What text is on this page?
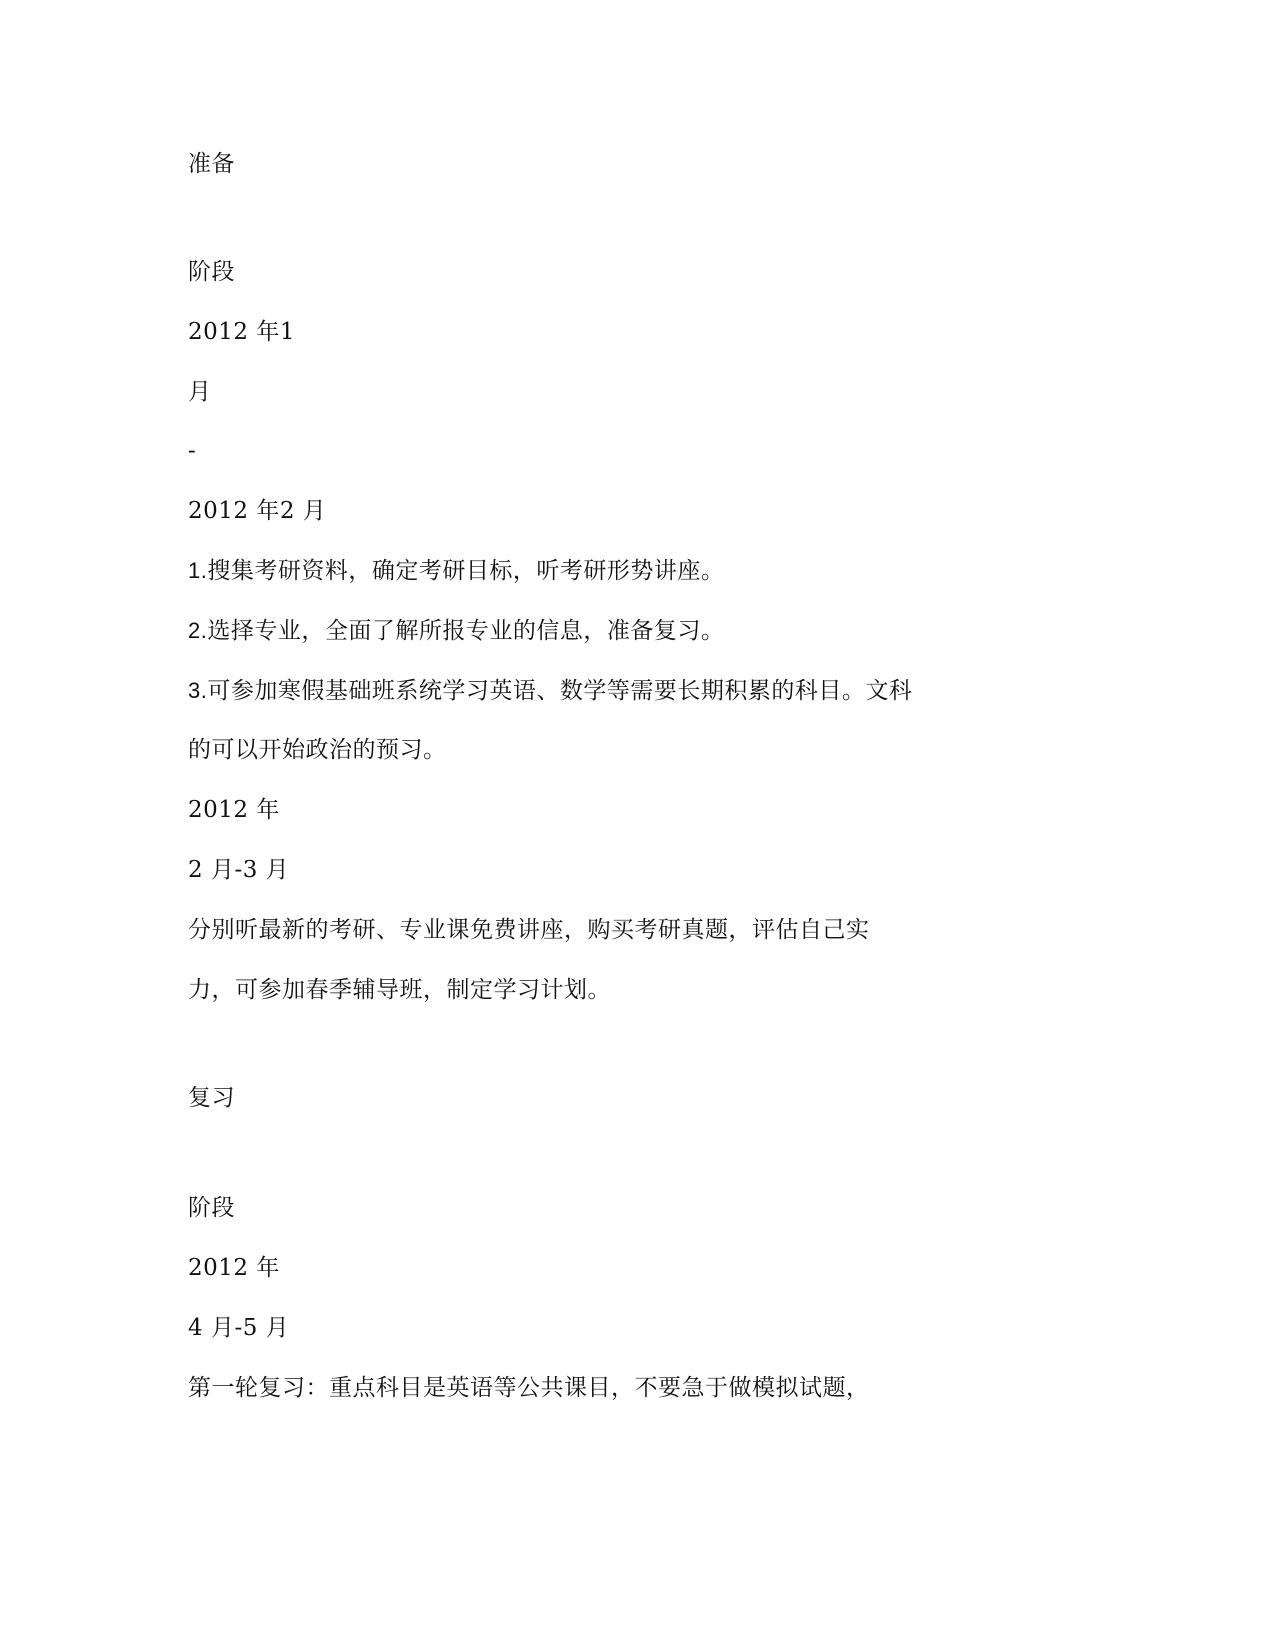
准备
阶段
2012 年1
月
-
2012 年2 月
1.搜集考研资料，确定考研目标，听考研形势讲座。
2.选择专业，全面了解所报专业的信息，准备复习。
3.可参加寒假基础班系统学习英语、数学等需要长期积累的科目。文科
的可以开始政治的预习。
2012 年
2 月-3 月
分别听最新的考研、专业课免费讲座，购买考研真题，评估自己实
力，可参加春季辅导班，制定学习计划。
复习
阶段
2012 年
4 月-5 月
第一轮复习：重点科目是英语等公共课目，不要急于做模拟试题，
